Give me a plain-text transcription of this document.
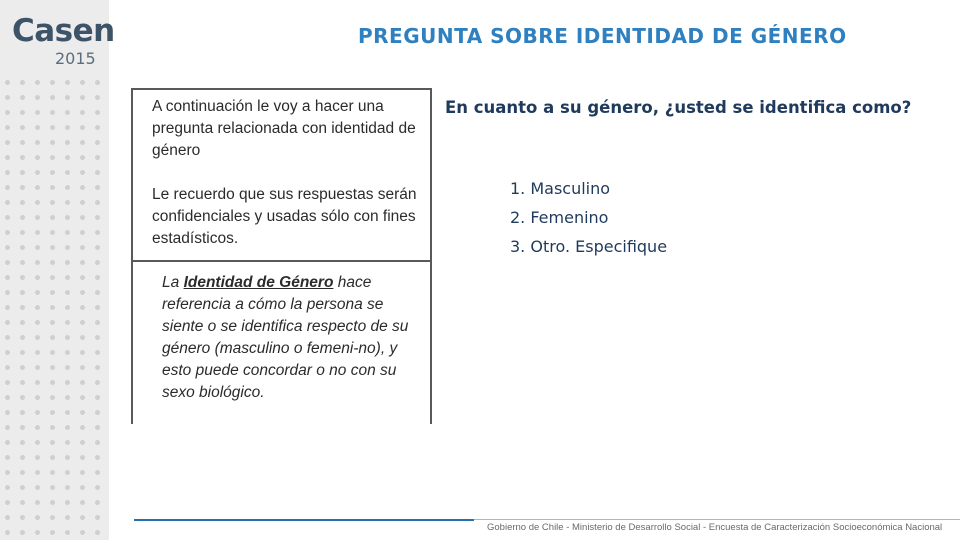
Casen
2015
PREGUNTA SOBRE IDENTIDAD DE GÉNERO

A continuación le voy a hacer una pregunta relacionada con identidad de género

Le recuerdo que sus respuestas serán confidenciales y usadas sólo con fines estadísticos.

La Identidad de Género hace referencia a cómo la persona se siente o se identifica respecto de su género (masculino o femeni-no), y esto puede concordar o no con su sexo biológico.

En cuanto a su género, ¿usted se identifica como?
1. Masculino
2. Femenino
3. Otro. Especifique
Gobierno de Chile - Ministerio de Desarrollo Social - Encuesta de Caracterización Socioeconómica Nacional
